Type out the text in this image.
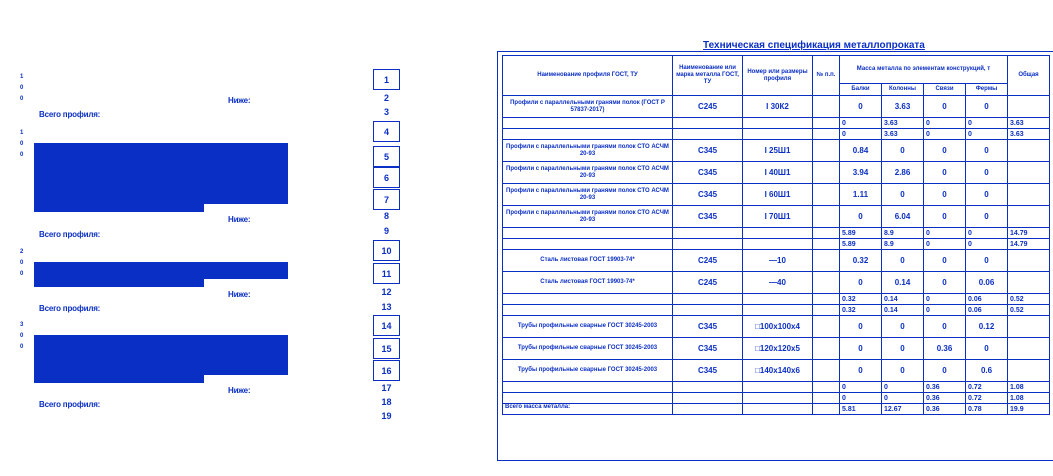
1
0
0	Ниже:
Всего профиля:
1
0
0
Ниже:
Всего профиля:
2
0
0
Ниже:
Всего профиля:
3
0
0
Ниже:
Всего профиля:
1
2
3
4
5
6
7
8
9
10
11
12
13
14
15
16
17
18
19
Техническая спецификация металлопроката
Наименование профиля ГОСТ, ТУ	Наименование или марка металла ГОСТ, ТУ	Номер или размеры профиля	№ п.п.	Масса металла по элементам конструкций, т				Общая
				Балки	Колонны	Связи	Фермы	
Профили с параллельными гранями полок (ГОСТ Р 57837-2017)	С245	I 30К2		0	3.63	0	0	
				0	3.63	0	0	3.63
				0	3.63	0	0	3.63
Профили с параллельными гранями полок СТО АСЧМ 20-93	С345	I 25Ш1		0.84	0	0	0	
Профили с параллельными гранями полок СТО АСЧМ 20-93	С345	I 40Ш1		3.94	2.86	0	0	
Профили с параллельными гранями полок СТО АСЧМ 20-93	С345	I 60Ш1		1.11	0	0	0	
Профили с параллельными гранями полок СТО АСЧМ 20-93	С345	I 70Ш1		0	6.04	0	0	
				5.89	8.9	0	0	14.79
				5.89	8.9	0	0	14.79
Сталь листовая ГОСТ 19903-74*	С245	—10		0.32	0	0	0	
Сталь листовая ГОСТ 19903-74*	С245	—40		0	0.14	0	0.06	
				0.32	0.14	0	0.06	0.52
				0.32	0.14	0	0.06	0.52
Трубы профильные сварные ГОСТ 30245-2003	С345	□100х100х4		0	0	0	0.12	
Трубы профильные сварные ГОСТ 30245-2003	С345	□120х120х5		0	0	0.36	0	
Трубы профильные сварные ГОСТ 30245-2003	С345	□140х140х6		0	0	0	0.6	
				0	0	0.36	0.72	1.08
				0	0	0.36	0.72	1.08
Всего масса металла:				5.81	12.67	0.36	0.78	19.9
